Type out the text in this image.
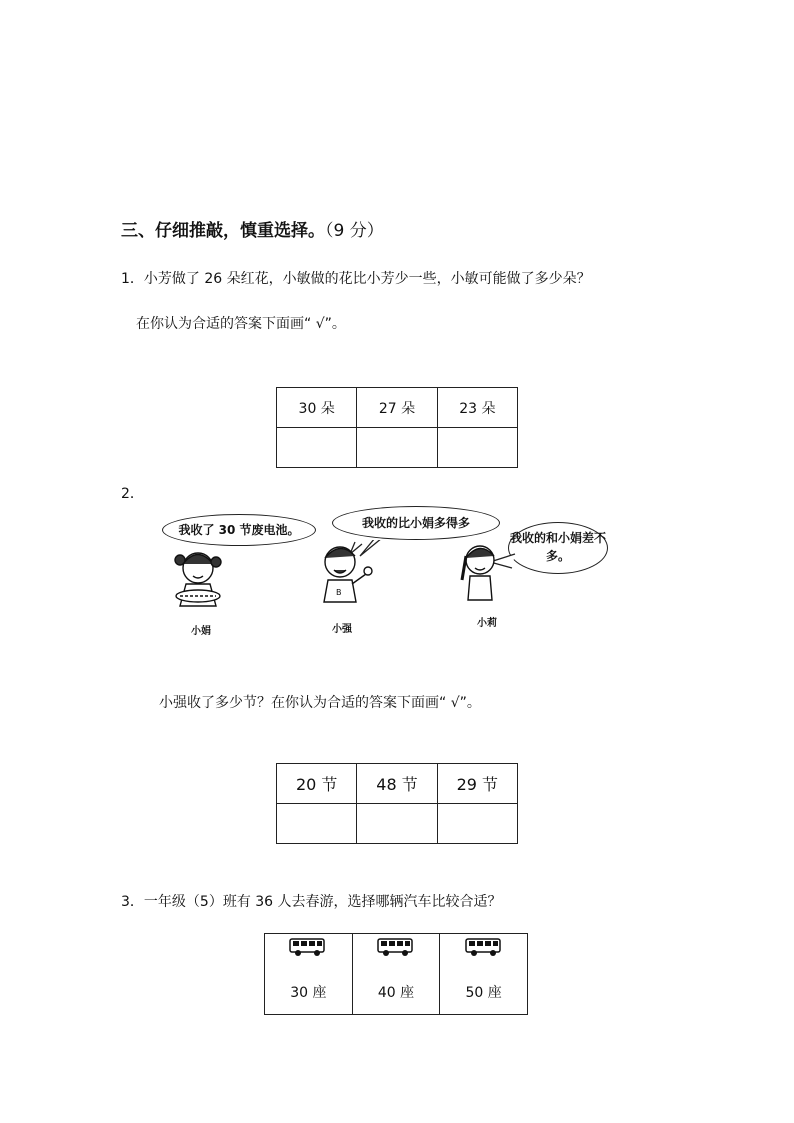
三、仔细推敲，慎重选择。（9 分）
1．小芳做了 26 朵红花，小敏做的花比小芳少一些，小敏可能做了多少朵？
在你认为合适的答案下面画“ √”。
30 朵	27 朵	23 朵

2．
我收了 30 节废电池。	我收的比小娟多得多
我收的和小娟差不多。
B
小娟	小强
小莉
小强收了多少节？在你认为合适的答案下面画“ √”。
20 节	48 节	29 节

3．一年级（5）班有 36 人去春游，选择哪辆汽车比较合适？
30 座	40 座	50 座
